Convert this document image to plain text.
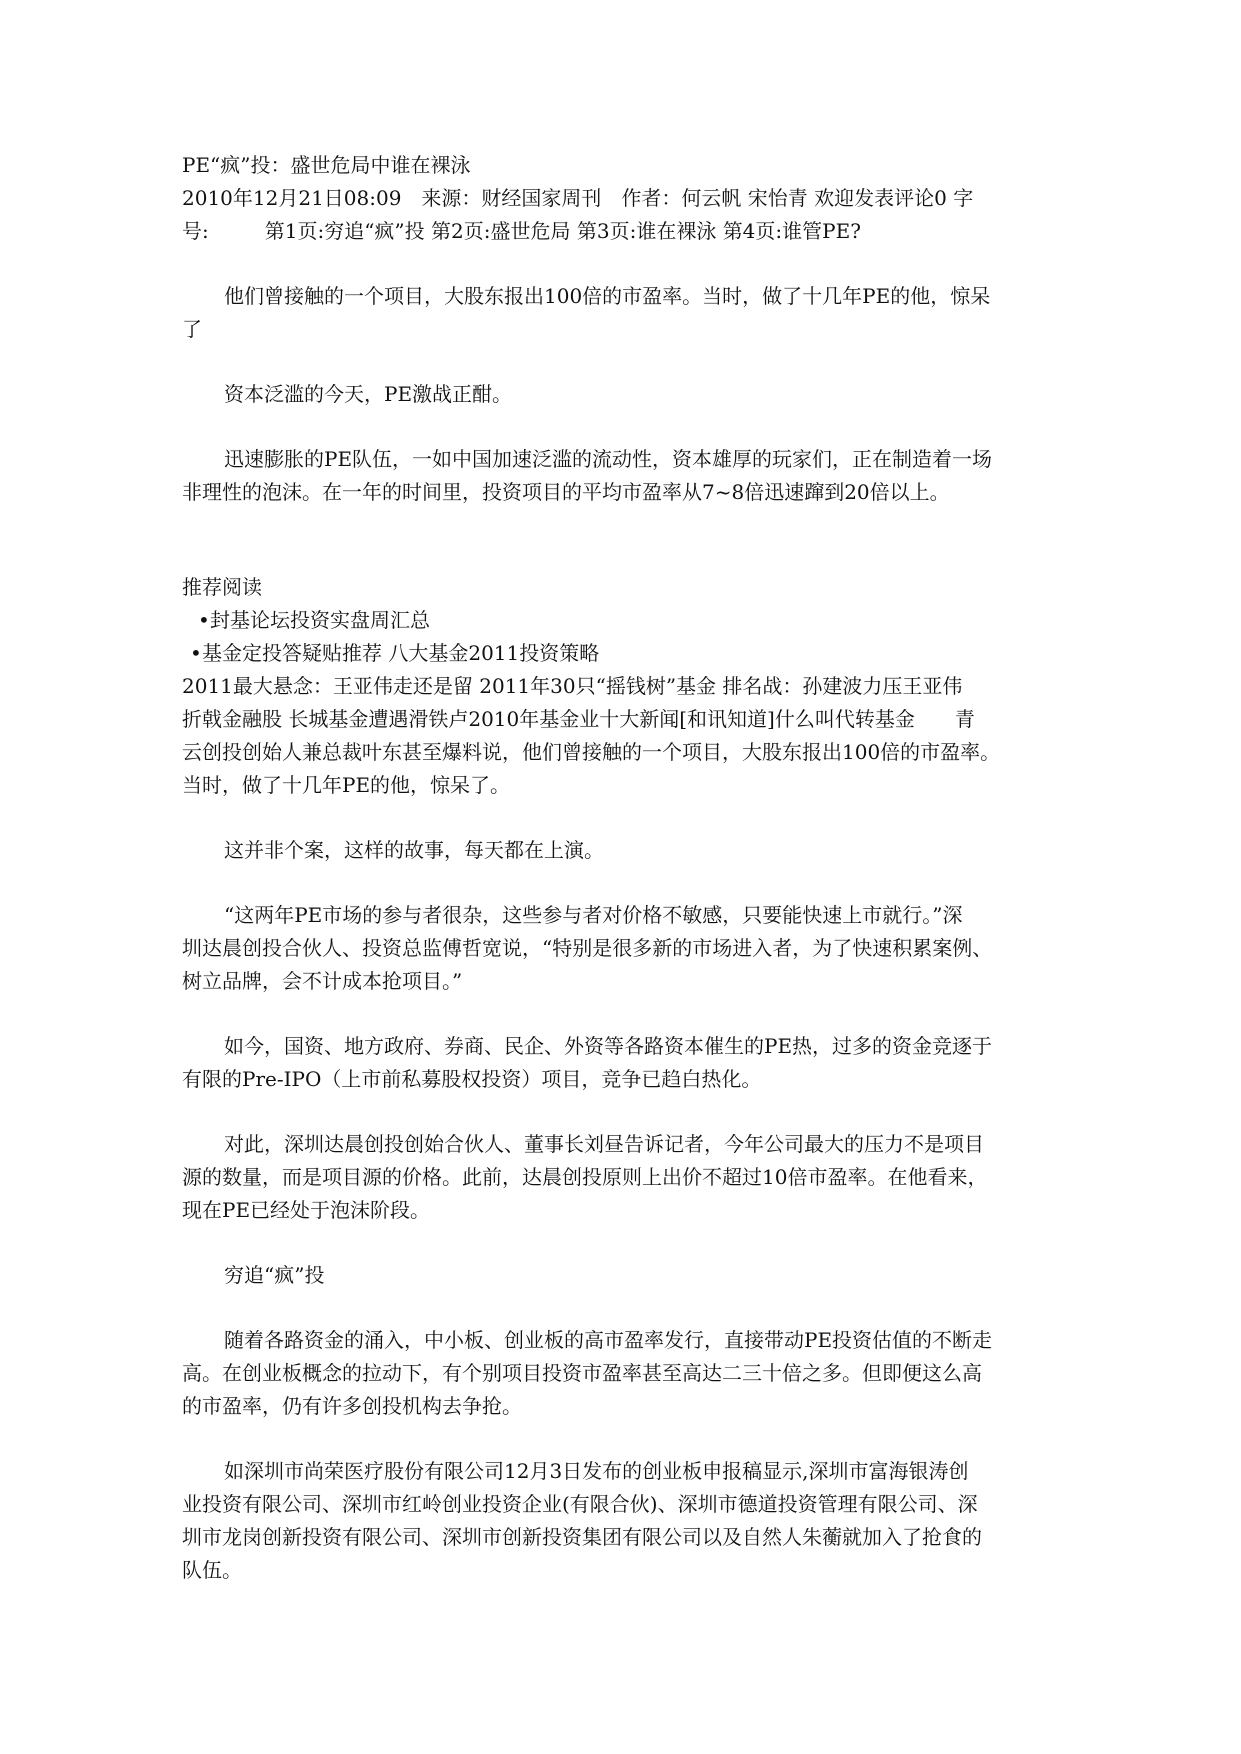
PE“疯”投：盛世危局中谁在裸泳
2010年12月21日08:09　来源：财经国家周刊　作者：何云帆 宋怡青 欢迎发表评论0 字
号:	第1页:穷追“疯”投 第2页:盛世危局 第3页:谁在裸泳 第4页:谁管PE?
他们曾接触的一个项目，大股东报出100倍的市盈率。当时，做了十几年PE的他，惊呆
了
资本泛滥的今天，PE激战正酣。
迅速膨胀的PE队伍，一如中国加速泛滥的流动性，资本雄厚的玩家们，正在制造着一场
非理性的泡沫。在一年的时间里，投资项目的平均市盈率从7~8倍迅速蹿到20倍以上。
推荐阅读
•封基论坛投资实盘周汇总
•基金定投答疑贴推荐 八大基金2011投资策略
2011最大悬念：王亚伟走还是留 2011年30只“摇钱树”基金 排名战：孙建波力压王亚伟
折戟金融股 长城基金遭遇滑铁卢2010年基金业十大新闻[和讯知道]什么叫代转基金　　青
云创投创始人兼总裁叶东甚至爆料说，他们曾接触的一个项目，大股东报出100倍的市盈率。
当时，做了十几年PE的他，惊呆了。
这并非个案，这样的故事，每天都在上演。
“这两年PE市场的参与者很杂，这些参与者对价格不敏感，只要能快速上市就行。”深
圳达晨创投合伙人、投资总监傅哲宽说，“特别是很多新的市场进入者，为了快速积累案例、
树立品牌，会不计成本抢项目。”
如今，国资、地方政府、券商、民企、外资等各路资本催生的PE热，过多的资金竞逐于
有限的Pre-IPO（上市前私募股权投资）项目，竞争已趋白热化。
对此，深圳达晨创投创始合伙人、董事长刘昼告诉记者，今年公司最大的压力不是项目
源的数量，而是项目源的价格。此前，达晨创投原则上出价不超过10倍市盈率。在他看来，
现在PE已经处于泡沫阶段。
穷追“疯”投
随着各路资金的涌入，中小板、创业板的高市盈率发行，直接带动PE投资估值的不断走
高。在创业板概念的拉动下，有个别项目投资市盈率甚至高达二三十倍之多。但即便这么高
的市盈率，仍有许多创投机构去争抢。
如深圳市尚荣医疗股份有限公司12月3日发布的创业板申报稿显示,深圳市富海银涛创
业投资有限公司、深圳市红岭创业投资企业(有限合伙)、深圳市德道投资管理有限公司、深
圳市龙岗创新投资有限公司、深圳市创新投资集团有限公司以及自然人朱蘅就加入了抢食的
队伍。
